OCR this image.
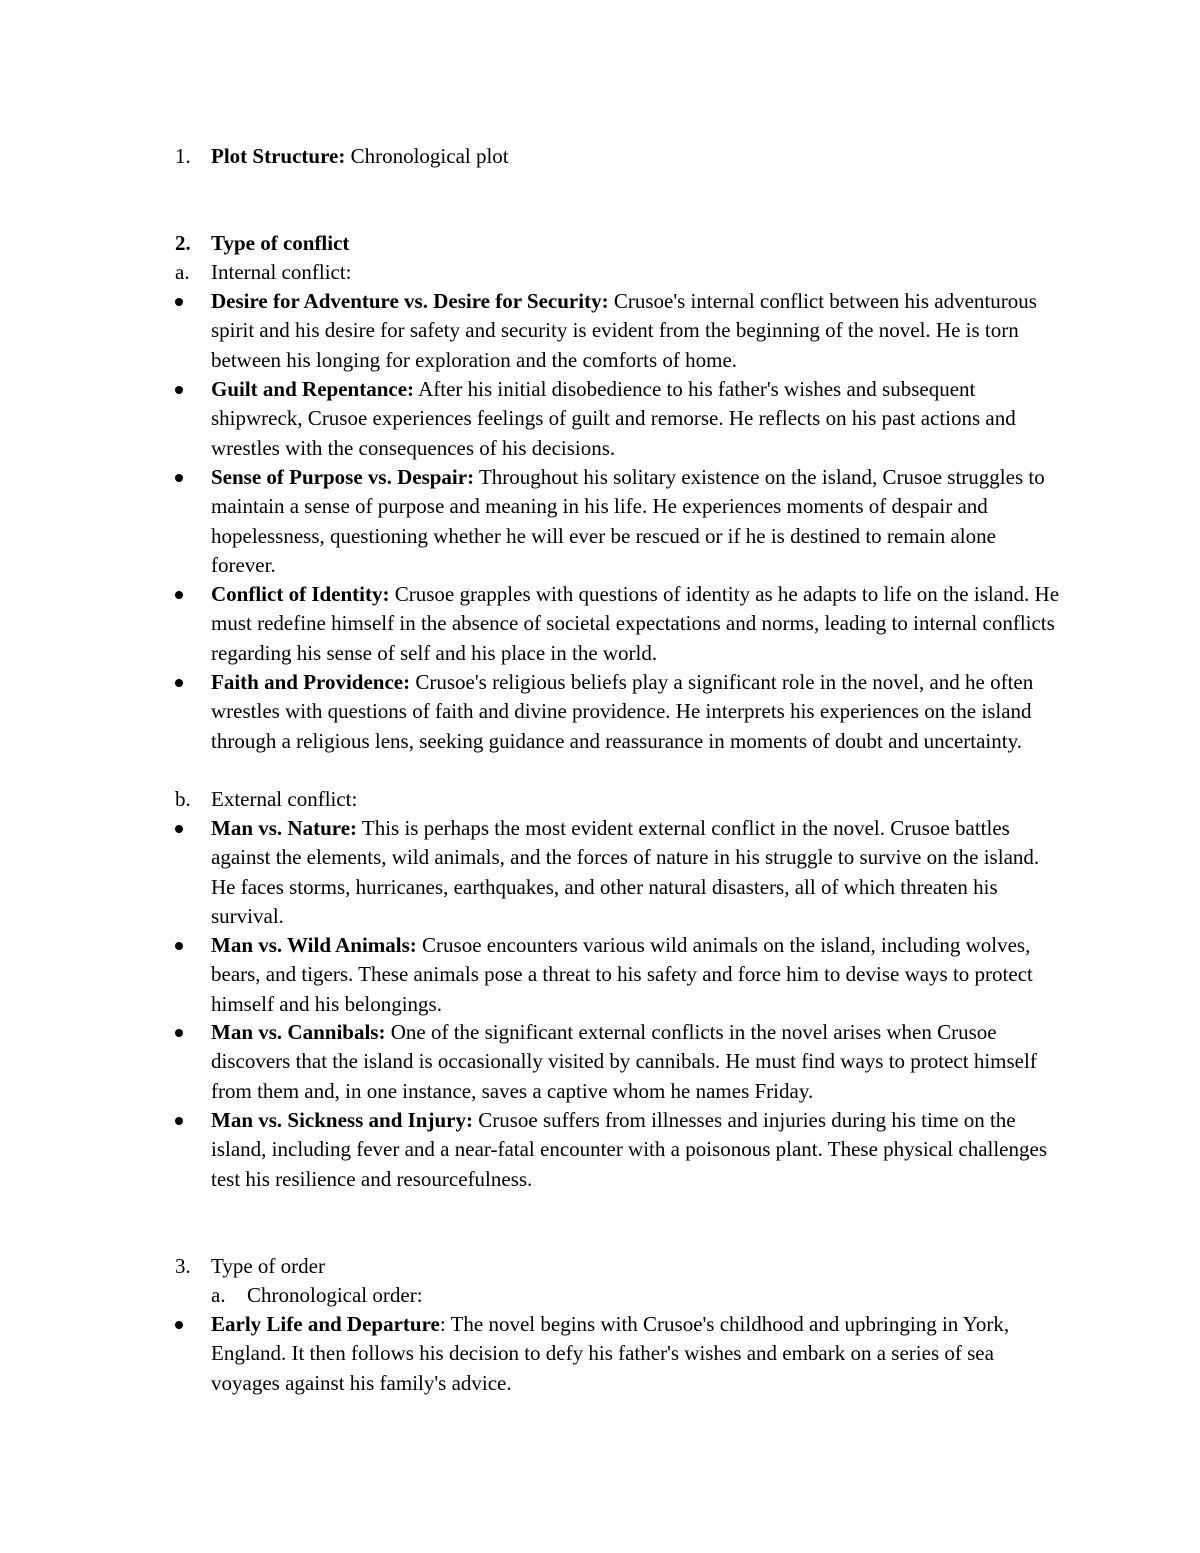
1. Plot Structure: Chronological plot
2. Type of conflict
a. Internal conflict:
Desire for Adventure vs. Desire for Security: Crusoe's internal conflict between his adventurous spirit and his desire for safety and security is evident from the beginning of the novel. He is torn between his longing for exploration and the comforts of home.
Guilt and Repentance: After his initial disobedience to his father's wishes and subsequent shipwreck, Crusoe experiences feelings of guilt and remorse. He reflects on his past actions and wrestles with the consequences of his decisions.
Sense of Purpose vs. Despair: Throughout his solitary existence on the island, Crusoe struggles to maintain a sense of purpose and meaning in his life. He experiences moments of despair and hopelessness, questioning whether he will ever be rescued or if he is destined to remain alone forever.
Conflict of Identity: Crusoe grapples with questions of identity as he adapts to life on the island. He must redefine himself in the absence of societal expectations and norms, leading to internal conflicts regarding his sense of self and his place in the world.
Faith and Providence: Crusoe's religious beliefs play a significant role in the novel, and he often wrestles with questions of faith and divine providence. He interprets his experiences on the island through a religious lens, seeking guidance and reassurance in moments of doubt and uncertainty.
b. External conflict:
Man vs. Nature: This is perhaps the most evident external conflict in the novel. Crusoe battles against the elements, wild animals, and the forces of nature in his struggle to survive on the island. He faces storms, hurricanes, earthquakes, and other natural disasters, all of which threaten his survival.
Man vs. Wild Animals: Crusoe encounters various wild animals on the island, including wolves, bears, and tigers. These animals pose a threat to his safety and force him to devise ways to protect himself and his belongings.
Man vs. Cannibals: One of the significant external conflicts in the novel arises when Crusoe discovers that the island is occasionally visited by cannibals. He must find ways to protect himself from them and, in one instance, saves a captive whom he names Friday.
Man vs. Sickness and Injury: Crusoe suffers from illnesses and injuries during his time on the island, including fever and a near-fatal encounter with a poisonous plant. These physical challenges test his resilience and resourcefulness.
3. Type of order
a. Chronological order:
Early Life and Departure: The novel begins with Crusoe's childhood and upbringing in York, England. It then follows his decision to defy his father's wishes and embark on a series of sea voyages against his family's advice.
